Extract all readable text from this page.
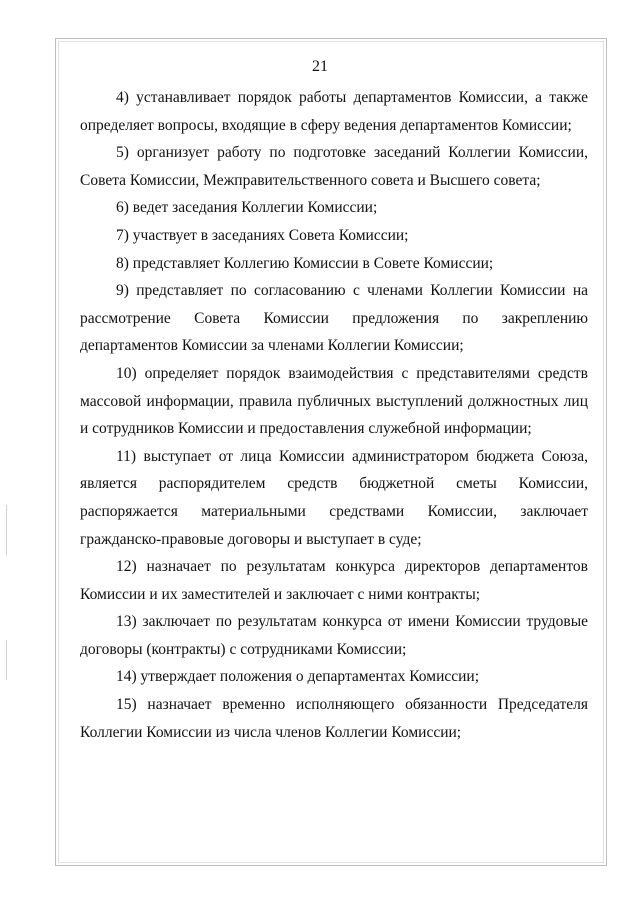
21

4) устанавливает порядок работы департаментов Комиссии, а также определяет вопросы, входящие в сферу ведения департаментов Комиссии;

5) организует работу по подготовке заседаний Коллегии Комиссии, Совета Комиссии, Межправительственного совета и Высшего совета;

6) ведет заседания Коллегии Комиссии;

7) участвует в заседаниях Совета Комиссии;

8) представляет Коллегию Комиссии в Совете Комиссии;

9) представляет по согласованию с членами Коллегии Комиссии на рассмотрение Совета Комиссии предложения по закреплению департаментов Комиссии за членами Коллегии Комиссии;

10) определяет порядок взаимодействия с представителями средств массовой информации, правила публичных выступлений должностных лиц и сотрудников Комиссии и предоставления служебной информации;

11) выступает от лица Комиссии администратором бюджета Союза, является распорядителем средств бюджетной сметы Комиссии, распоряжается материальными средствами Комиссии, заключает гражданско-правовые договоры и выступает в суде;

12) назначает по результатам конкурса директоров департаментов Комиссии и их заместителей и заключает с ними контракты;

13) заключает по результатам конкурса от имени Комиссии трудовые договоры (контракты) с сотрудниками Комиссии;

14) утверждает положения о департаментах Комиссии;

15) назначает временно исполняющего обязанности Председателя Коллегии Комиссии из числа членов Коллегии Комиссии;
